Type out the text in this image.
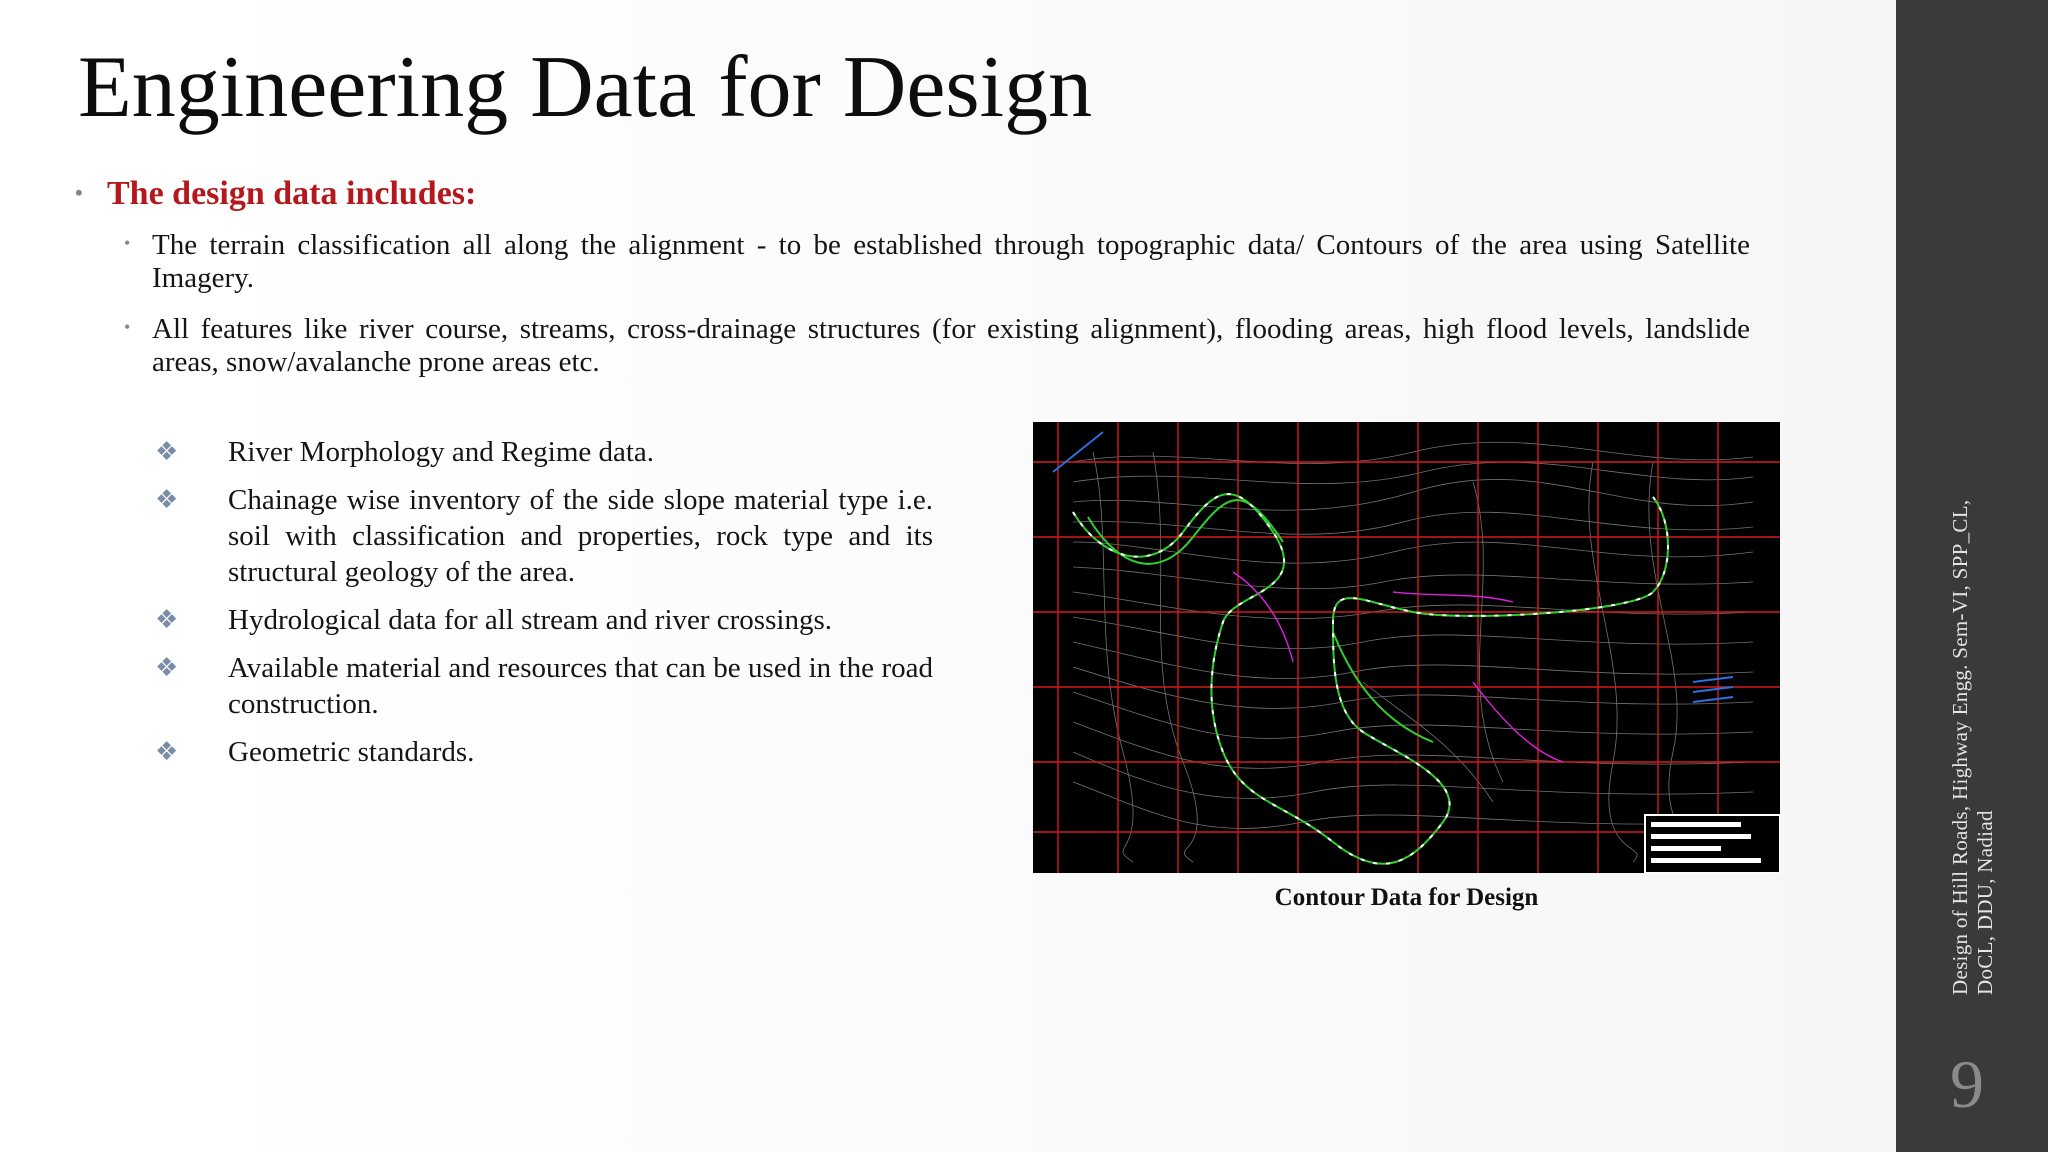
Engineering Data for Design
• The design data includes:
• The terrain classification all along the alignment - to be established through topographic data/ Contours of the area using Satellite Imagery.
• All features like river course, streams, cross-drainage structures (for existing alignment), flooding areas, high flood levels, landslide areas, snow/avalanche prone areas etc.
❖ River Morphology and Regime data.
❖ Chainage wise inventory of the side slope material type i.e. soil with classification and properties, rock type and its structural geology of the area.
❖ Hydrological data for all stream and river crossings.
❖ Available material and resources that can be used in the road construction.
❖ Geometric standards.
Contour Data for Design	Design of Hill Roads, Highway Engg. Sem-VI, SPP_CL, DoCL, DDU, Nadiad
9
